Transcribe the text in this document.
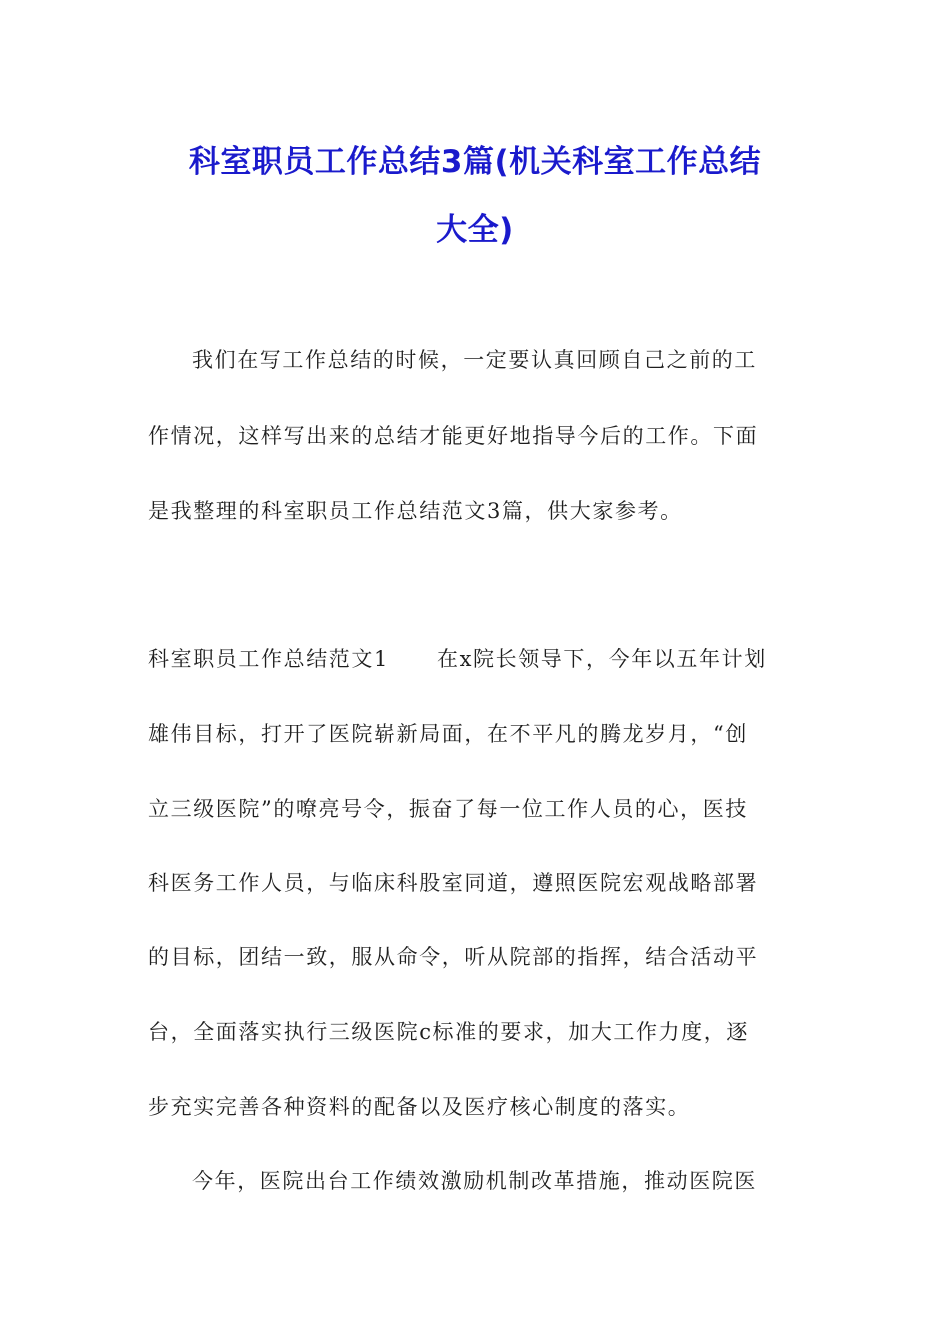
科室职员工作总结3篇(机关科室工作总结
大全)

我们在写工作总结的时候，一定要认真回顾自己之前的工

作情况，这样写出来的总结才能更好地指导今后的工作。下面

是我整理的科室职员工作总结范文3篇，供大家参考。

科室职员工作总结范文1 在x院长领导下，今年以五年计划

雄伟目标，打开了医院崭新局面，在不平凡的腾龙岁月，“创

立三级医院”的嘹亮号令，振奋了每一位工作人员的心，医技

科医务工作人员，与临床科股室同道，遵照医院宏观战略部署

的目标，团结一致，服从命令，听从院部的指挥，结合活动平

台，全面落实执行三级医院c标准的要求，加大工作力度，逐

步充实完善各种资料的配备以及医疗核心制度的落实。

今年，医院出台工作绩效激励机制改革措施，推动医院医
